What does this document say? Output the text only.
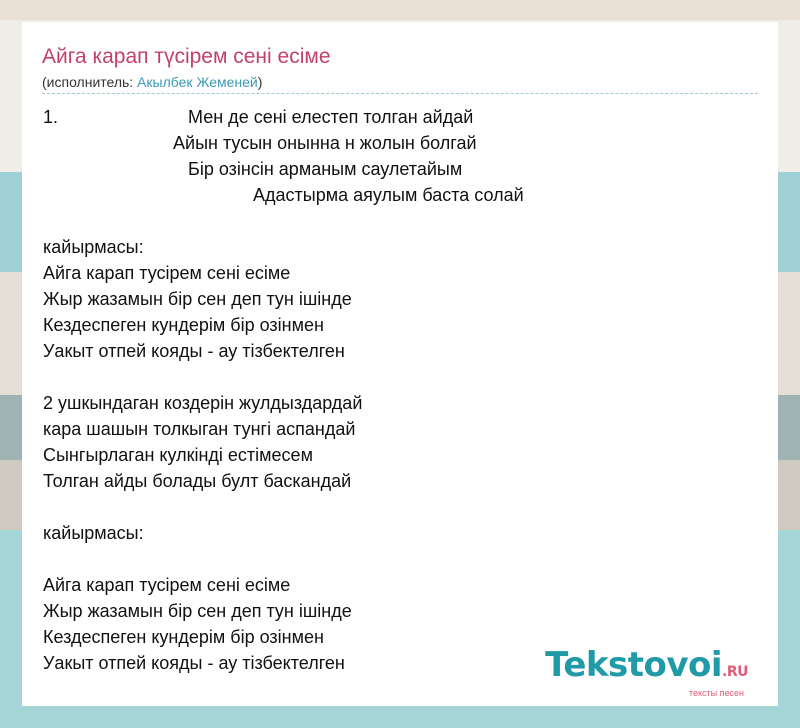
Айга карап түсірем сені есіме
(исполнитель: Акылбек Жеменей)
1.                          Мен де сені елестеп толган айдай
Айын тусын онынна н жолын болгай
Бір озінсін арманым саулетайым
Адастырма аяулым баста солай
кайырмасы:
Айга карап тусірем сені есіме
Жыр жазамын бір сен деп тун ішінде
Кездеспеген кундерім бір озінмен
Уакыт отпей кояды - ау тізбектелген
2 ушкындаган коздерін жулдыздардай
кара шашын толкыган тунгі аспандай
Сынгырлаган кулкінді естімесем
Толган айды болады булт баскандай
кайырмасы:
Айга карап тусірем сені есіме
Жыр жазамын бір сен деп тун ішінде
Кездеспеген кундерім бір озінмен
Уакыт отпей кояды - ау тізбектелген	Tekstovoi.RU
тексты песен
